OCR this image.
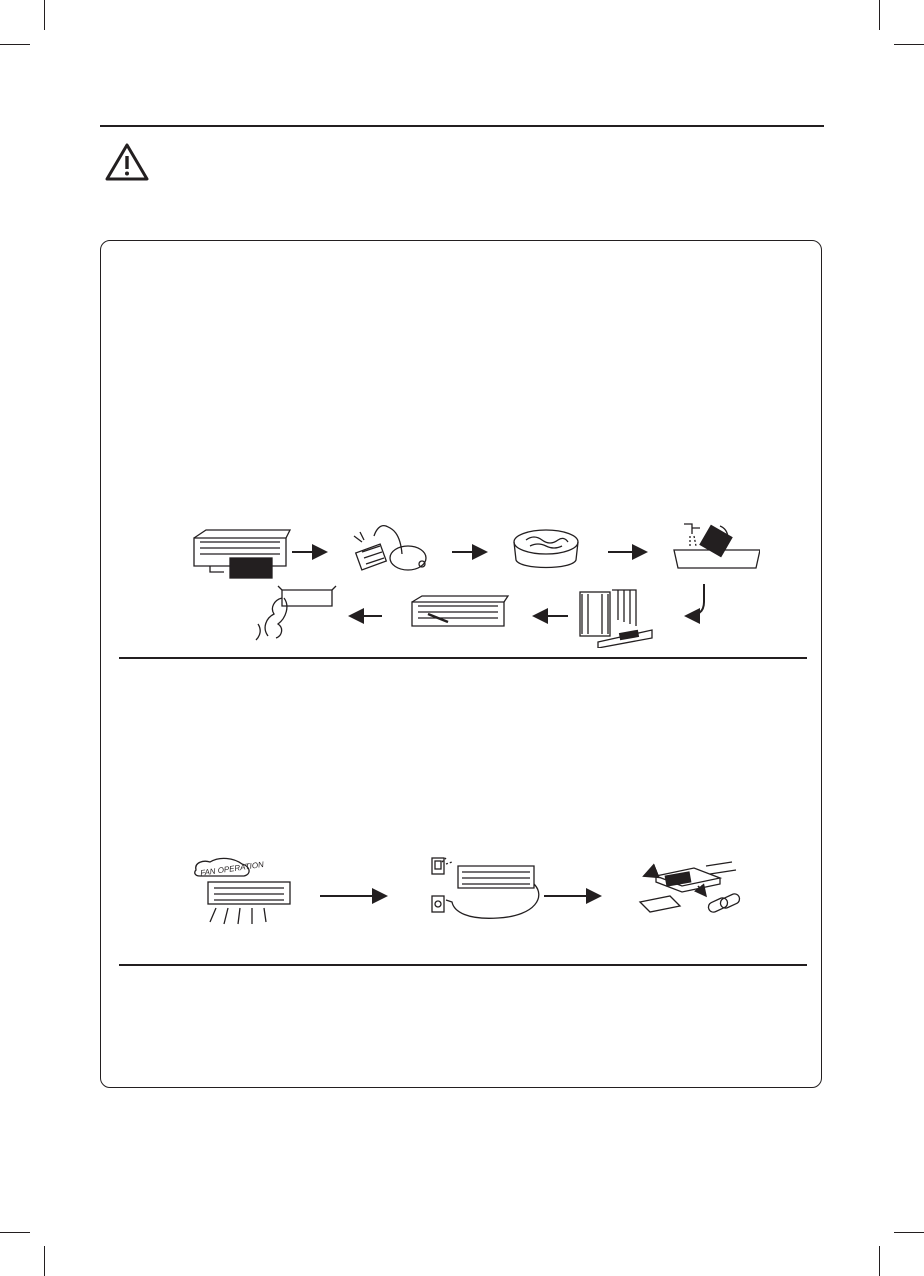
FAN OPERATION
